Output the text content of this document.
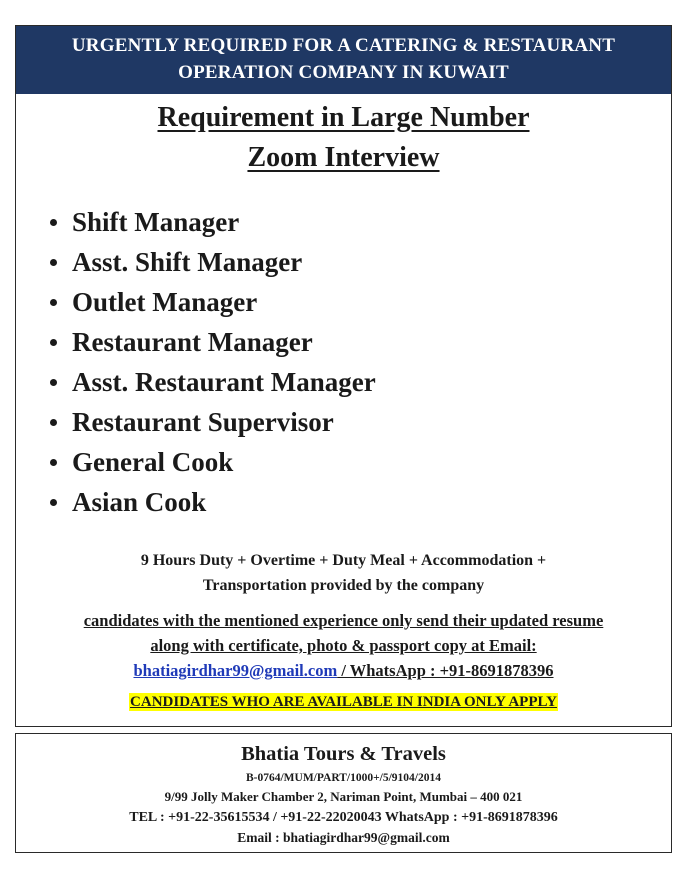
URGENTLY REQUIRED FOR A CATERING & RESTAURANT
OPERATION COMPANY IN KUWAIT
Requirement in Large Number
Zoom Interview
Shift Manager
Asst. Shift Manager
Outlet Manager
Restaurant Manager
Asst. Restaurant Manager
Restaurant Supervisor
General Cook
Asian Cook
9 Hours Duty + Overtime + Duty Meal + Accommodation +
Transportation provided by the company
candidates with the mentioned experience only send their updated resume
along with certificate, photo & passport copy at Email:
bhatiagirdhar99@gmail.com / WhatsApp : +91-8691878396
CANDIDATES WHO ARE AVAILABLE IN INDIA ONLY APPLY
Bhatia Tours & Travels
B-0764/MUM/PART/1000+/5/9104/2014
9/99 Jolly Maker Chamber 2, Nariman Point, Mumbai – 400 021
TEL : +91-22-35615534 / +91-22-22020043 WhatsApp : +91-8691878396
Email : bhatiagirdhar99@gmail.com
